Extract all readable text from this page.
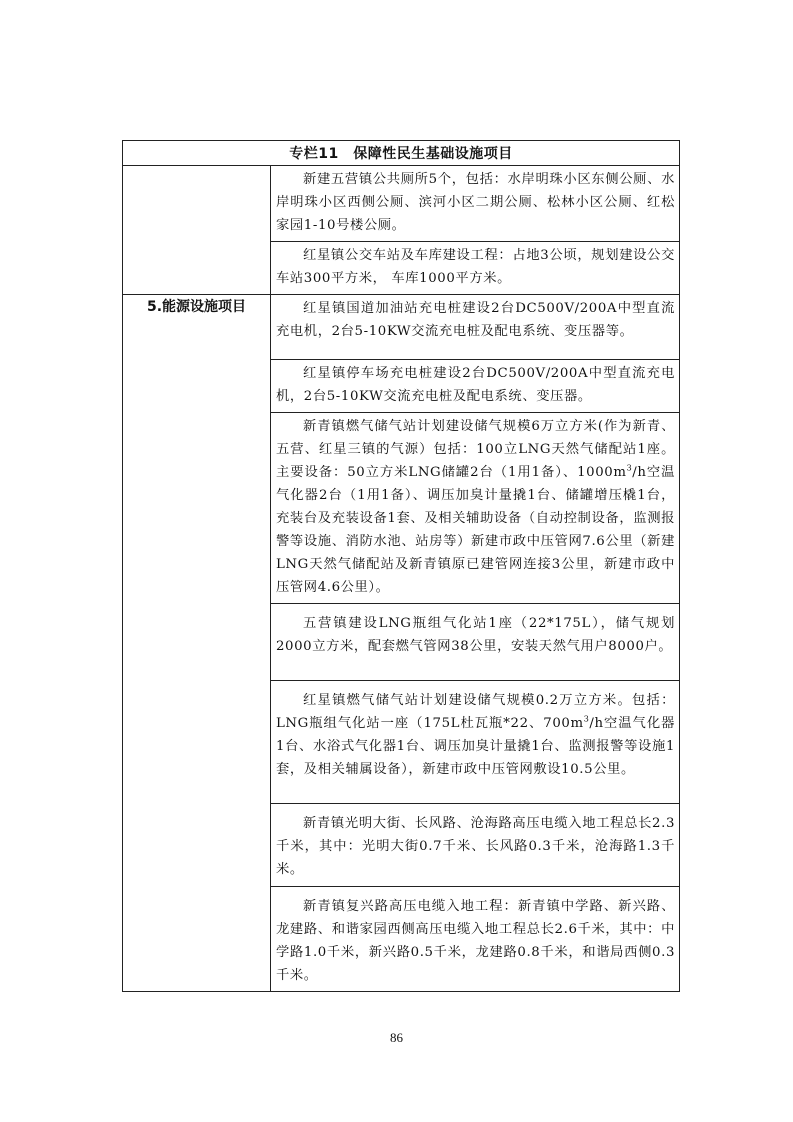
专栏11　保障性民生基础设施项目	
	新建五营镇公共厕所5个，包括：水岸明珠小区东侧公厕、水岸明珠小区西侧公厕、滨河小区二期公厕、松林小区公厕、红松家园1-10号楼公厕。
	红星镇公交车站及车库建设工程：占地3公顷，规划建设公交车站300平方米， 车库1000平方米。
5.能源设施项目	红星镇国道加油站充电桩建设2台DC500V/200A中型直流充电机，2台5-10KW交流充电桩及配电系统、变压器等。
	红星镇停车场充电桩建设2台DC500V/200A中型直流充电机，2台5-10KW交流充电桩及配电系统、变压器。
	新青镇燃气储气站计划建设储气规模6万立方米(作为新青、五营、红星三镇的气源）包括：100立LNG天然气储配站1座。主要设备：50立方米LNG储罐2台（1用1备）、$1000m^3/h$空温气化器2台（1用1备）、调压加臭计量撬1台、储罐增压橇1台，充装台及充装设备1套、及相关辅助设备（自动控制设备，监测报警等设施、消防水池、站房等）新建市政中压管网7.6公里（新建LNG天然气储配站及新青镇原已建管网连接3公里，新建市政中压管网4.6公里）。
	五营镇建设LNG瓶组气化站1座（22*175L），储气规划2000立方米，配套燃气管网38公里，安装天然气用户8000户。
	红星镇燃气储气站计划建设储气规模0.2万立方米。包括：LNG瓶组气化站一座（175L杜瓦瓶*22、$700m^3/h$空温气化器1台、水浴式气化器1台、调压加臭计量撬1台、监测报警等设施1套，及相关辅属设备），新建市政中压管网敷设10.5公里。
	新青镇光明大街、长风路、沧海路高压电缆入地工程总长2.3千米，其中：光明大街0.7千米、长风路0.3千米，沧海路1.3千米。
	新青镇复兴路高压电缆入地工程：新青镇中学路、新兴路、龙建路、和谐家园西侧高压电缆入地工程总长2.6千米，其中：中学路1.0千米，新兴路0.5千米，龙建路0.8千米，和谐局西侧0.3千米。
86
